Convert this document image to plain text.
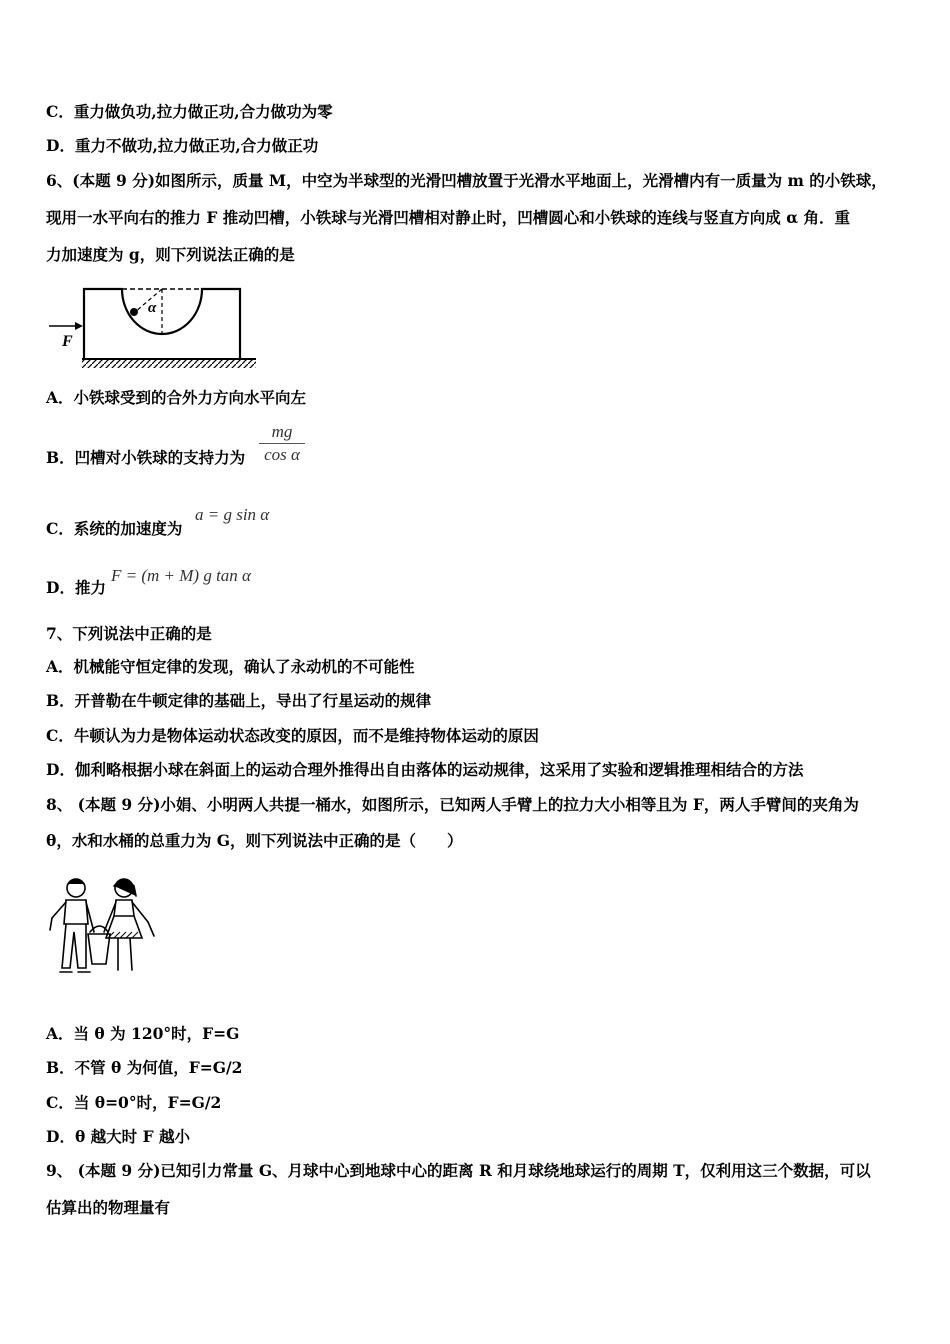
C．重力做负功,拉力做正功,合力做功为零
D．重力不做功,拉力做正功,合力做正功
6、(本题 9 分)如图所示，质量 M，中空为半球型的光滑凹槽放置于光滑水平地面上，光滑槽内有一质量为 m 的小铁球，
现用一水平向右的推力 F 推动凹槽，小铁球与光滑凹槽相对静止时，凹槽圆心和小铁球的连线与竖直方向成 α 角．重
力加速度为 g，则下列说法正确的是
F
α
A．小铁球受到的合外力方向水平向左
B．凹槽对小铁球的支持力为 $\frac{mg}{\text{cos α}}$
C．系统的加速度为
a = g sin α
D．推力
F = (m + M) g tan α
7、下列说法中正确的是
A．机械能守恒定律的发现，确认了永动机的不可能性
B．开普勒在牛顿定律的基础上，导出了行星运动的规律
C．牛顿认为力是物体运动状态改变的原因，而不是维持物体运动的原因
D．伽利略根据小球在斜面上的运动合理外推得出自由落体的运动规律，这采用了实验和逻辑推理相结合的方法
8、 (本题 9 分)小娟、小明两人共提一桶水，如图所示，已知两人手臂上的拉力大小相等且为 F，两人手臂间的夹角为
θ，水和水桶的总重力为 G，则下列说法中正确的是（　　）
A．当 θ 为 120°时，F=G
B．不管 θ 为何值，F=G/2
C．当 θ=0°时，F=G/2
D．θ 越大时 F 越小
9、 (本题 9 分)已知引力常量 G、月球中心到地球中心的距离 R 和月球绕地球运行的周期 T，仅利用这三个数据，可以
估算出的物理量有
